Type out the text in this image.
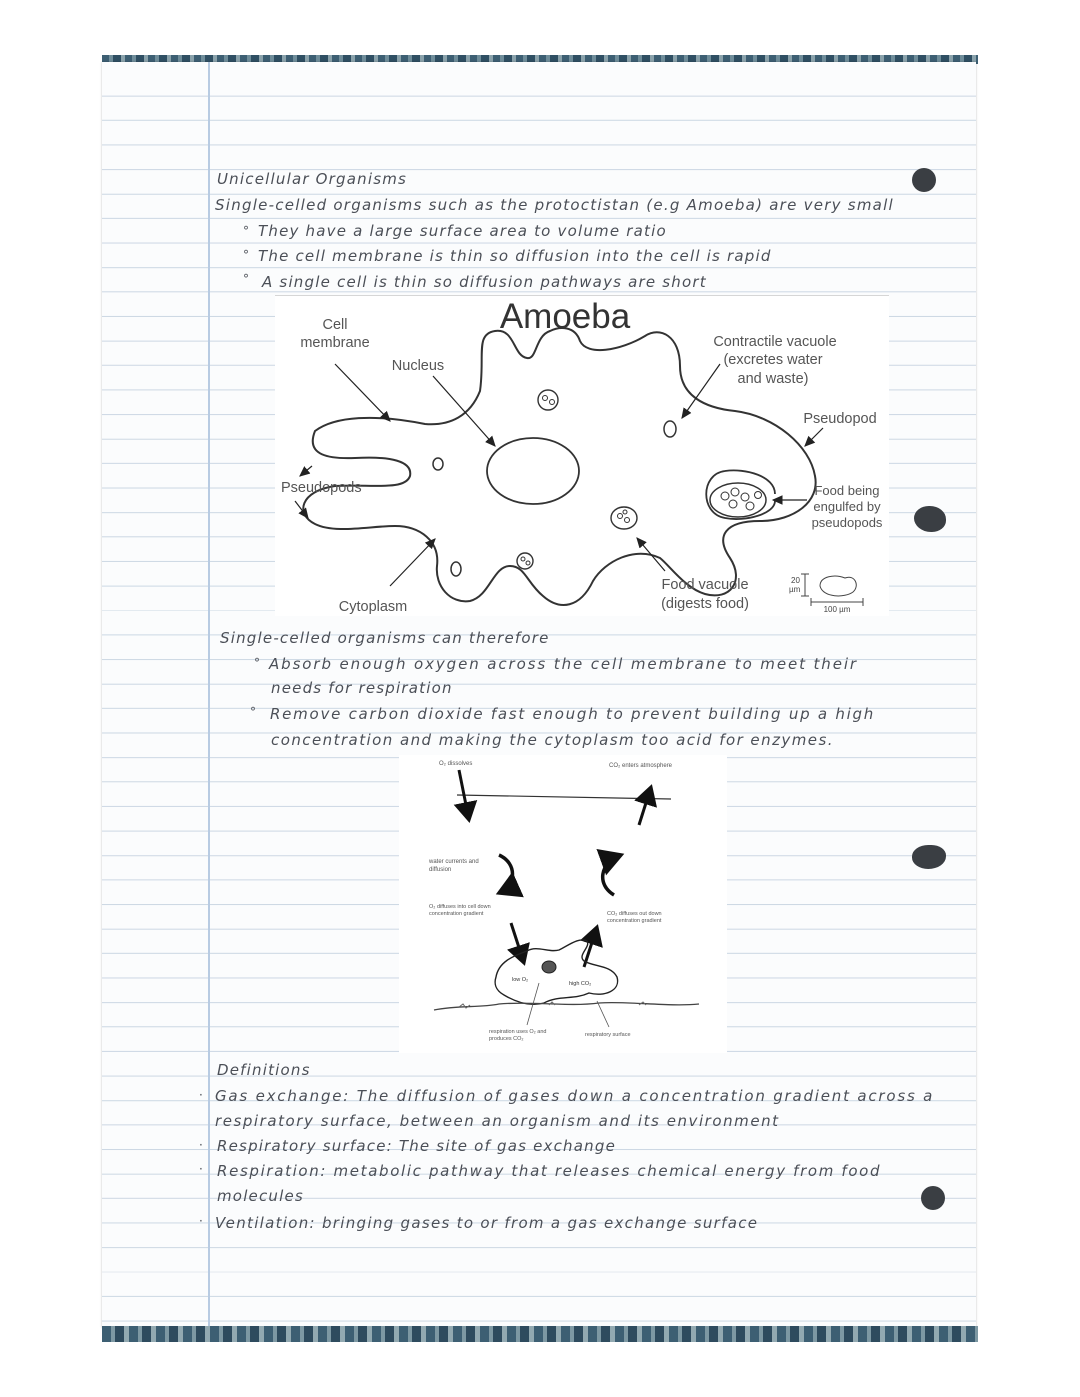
Unicellular Organisms
Single-celled organisms such as the protoctistan (e.g Amoeba) are very small
° They have a large surface area to volume ratio
° The cell membrane is thin so diffusion into the cell is rapid
° A single cell is thin so diffusion pathways are short
Amoeba
Cell
membrane
Nucleus
Contractile vacuole
(excretes water
and waste)
Pseudopod
Pseudopods	Food being
engulfed by
pseudopods
Cytoplasm
Food vacuole
(digests food)
20
µm
100 µm
Single-celled organisms can therefore
° Absorb enough oxygen across the cell membrane to meet their
needs for respiration
° Remove carbon dioxide fast enough to prevent building up a high
concentration and making the cytoplasm too acid for enzymes.
O₂ dissolves	CO₂ enters atmosphere
water currents and
diffusion
O₂ diffuses into cell down
concentration gradient	CO₂ diffuses out down
concentration gradient
low O₂
high CO₂
respiration uses O₂ and
produces CO₂
respiratory surface
Definitions
· Gas exchange: The diffusion of gases down a concentration gradient across a
respiratory surface, between an organism and its environment
· Respiratory surface: The site of gas exchange
· Respiration: metabolic pathway that releases chemical energy from food
molecules
· Ventilation: bringing gases to or from a gas exchange surface
